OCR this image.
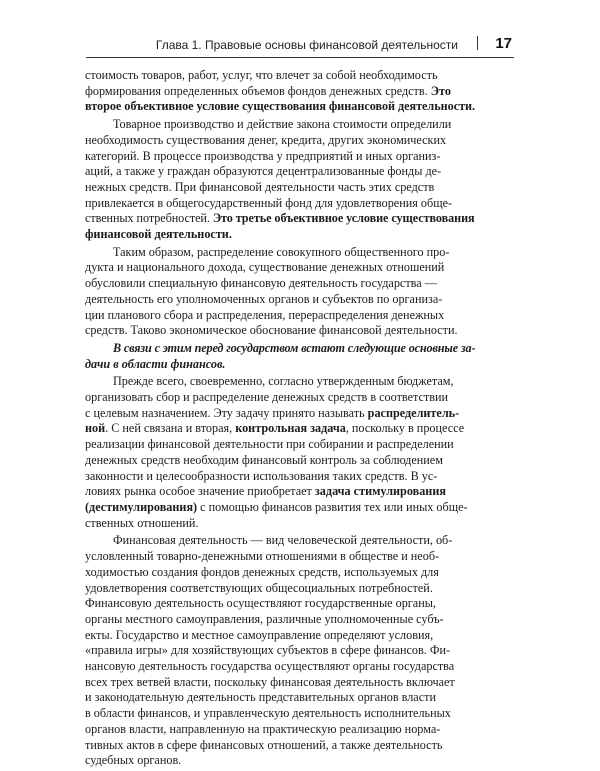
Глава 1. Правовые основы финансовой деятельности 17
стоимость товаров, работ, услуг, что влечет за собой необходимость
формирования определенных объемов фондов денежных средств. Это
второе объективное условие существования финансовой деятельности.
Товарное производство и действие закона стоимости определили
необходимость существования денег, кредита, других экономических
категорий. В процессе производства у предприятий и иных организ-
аций, а также у граждан образуются децентрализованные фонды де-
нежных средств. При финансовой деятельности часть этих средств
привлекается в общегосударственный фонд для удовлетворения обще-
ственных потребностей. Это третье объективное условие существования
финансовой деятельности.
Таким образом, распределение совокупного общественного про-
дукта и национального дохода, существование денежных отношений
обусловили специальную финансовую деятельность государства —
деятельность его уполномоченных органов и субъектов по организа-
ции планового сбора и распределения, перераспределения денежных
средств. Таково экономическое обоснование финансовой деятельности.
В связи с этим перед государством встают следующие основные за-
дачи в области финансов.
Прежде всего, своевременно, согласно утвержденным бюджетам,
организовать сбор и распределение денежных средств в соответствии
с целевым назначением. Эту задачу принято называть распределитель-
ной. С ней связана и вторая, контрольная задача, поскольку в процессе
реализации финансовой деятельности при собирании и распределении
денежных средств необходим финансовый контроль за соблюдением
законности и целесообразности использования таких средств. В ус-
ловиях рынка особое значение приобретает задача стимулирования
(дестимулирования) с помощью финансов развития тех или иных обще-
ственных отношений.
Финансовая деятельность — вид человеческой деятельности, об-
условленный товарно-денежными отношениями в обществе и необ-
ходимостью создания фондов денежных средств, используемых для
удовлетворения соответствующих общесоциальных потребностей.
Финансовую деятельность осуществляют государственные органы,
органы местного самоуправления, различные уполномоченные субъ-
екты. Государство и местное самоуправление определяют условия,
«правила игры» для хозяйствующих субъектов в сфере финансов. Фи-
нансовую деятельность государства осуществляют органы государства
всех трех ветвей власти, поскольку финансовая деятельность включает
и законодательную деятельность представительных органов власти
в области финансов, и управленческую деятельность исполнительных
органов власти, направленную на практическую реализацию норма-
тивных актов в сфере финансовых отношений, а также деятельность
судебных органов.
